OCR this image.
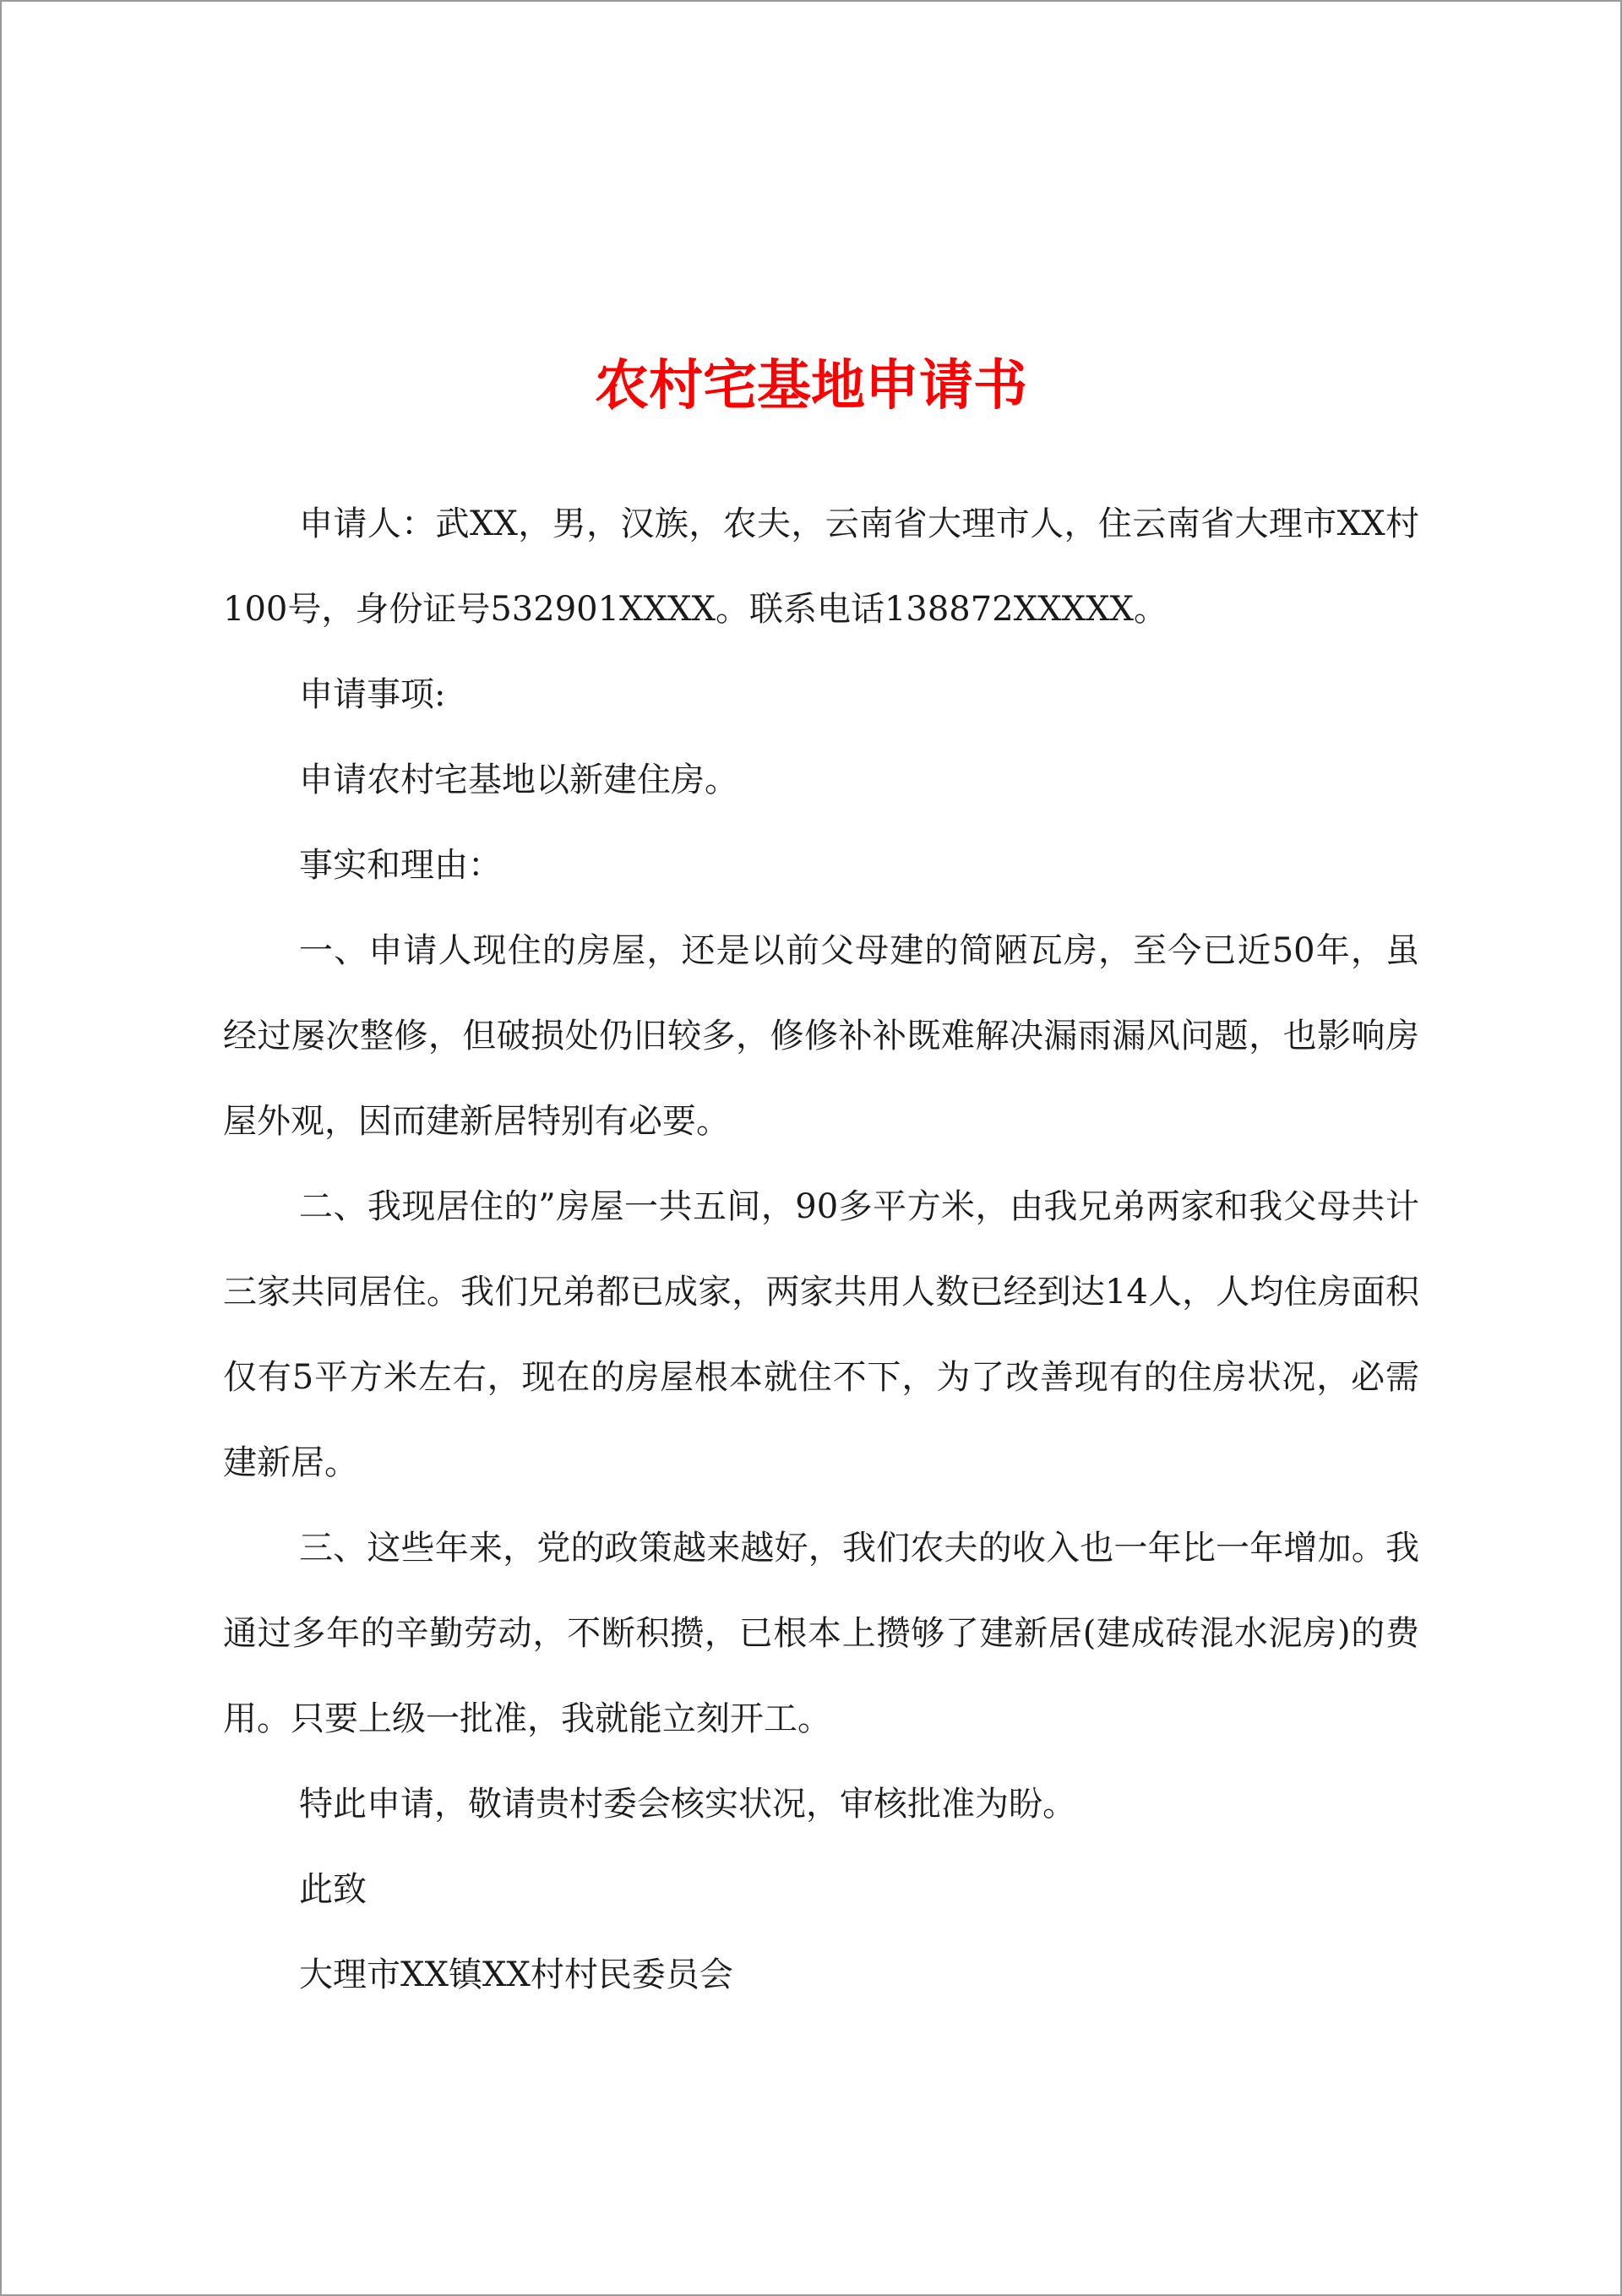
农村宅基地申请书

申请人：武XX，男，汉族，农夫，云南省大理市人，住云南省大理市XX村100号，身份证号532901XXXX。联系电话138872XXXXX。

申请事项:

申请农村宅基地以新建住房。

事实和理由：

一、申请人现住的房屋，还是以前父母建的简陋瓦房，至今已近50年，虽经过屡次整修，但破损处仍旧较多，修修补补既难解决漏雨漏风问题，也影响房屋外观，因而建新居特别有必要。

二、我现居住的”房屋一共五间，90多平方米，由我兄弟两家和我父母共计三家共同居住。我们兄弟都已成家，两家共用人数已经到达14人，人均住房面积仅有5平方米左右，现在的房屋根本就住不下，为了改善现有的住房状况，必需建新居。

三、这些年来，党的政策越来越好，我们农夫的收入也一年比一年增加。我通过多年的辛勤劳动，不断积攒，已根本上攒够了建新居(建成砖混水泥房)的费用。只要上级一批准，我就能立刻开工。

特此申请，敬请贵村委会核实状况，审核批准为盼。

此致

大理市XX镇XX村村民委员会
